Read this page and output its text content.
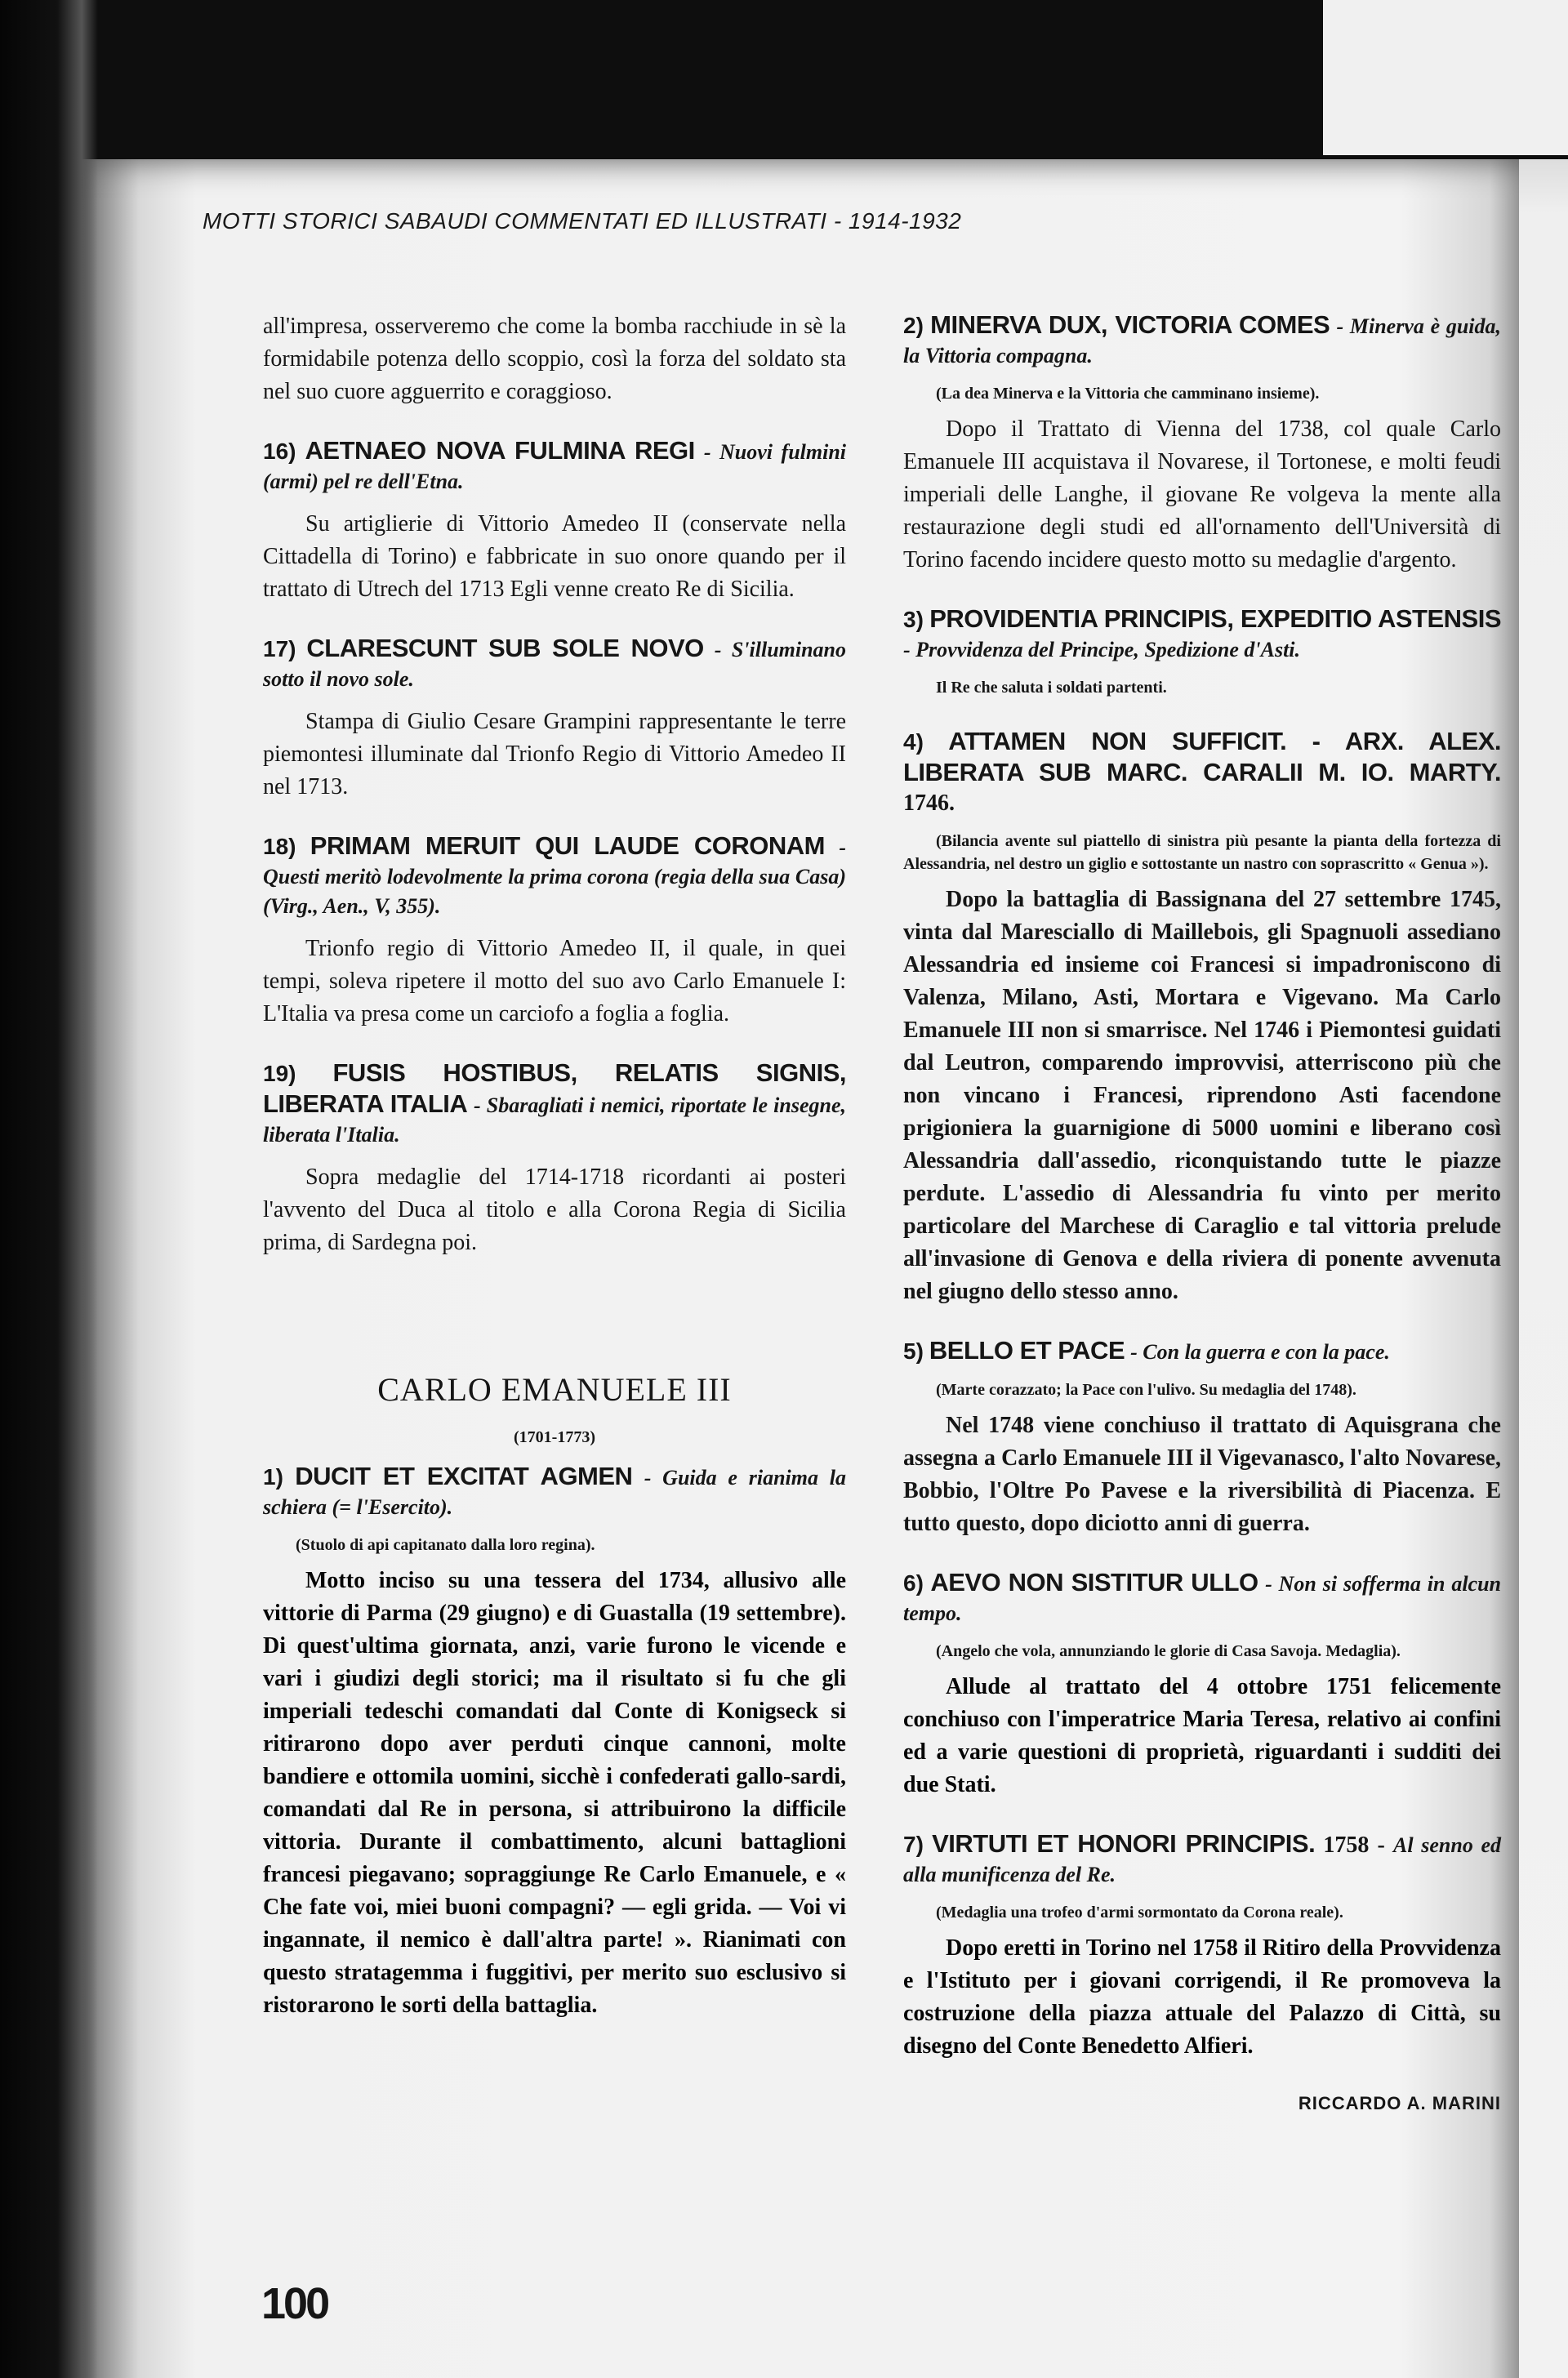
MOTTI STORICI SABAUDI COMMENTATI ED ILLUSTRATI - 1914-1932

all'impresa, osserveremo che come la bomba racchiude in sè la formidabile potenza dello scoppio, così la forza del soldato sta nel suo cuore agguerrito e coraggioso.

16) AETNAEO NOVA FULMINA REGI - Nuovi fulmini (armi) pel re dell'Etna.

Su artiglierie di Vittorio Amedeo II (conservate nella Cittadella di Torino) e fabbricate in suo onore quando per il trattato di Utrech del 1713 Egli venne creato Re di Sicilia.

17) CLARESCUNT SUB SOLE NOVO - S'illuminano sotto il novo sole.

Stampa di Giulio Cesare Grampini rappresentante le terre piemontesi illuminate dal Trionfo Regio di Vittorio Amedeo II nel 1713.

18) PRIMAM MERUIT QUI LAUDE CORONAM - Questi meritò lodevolmente la prima corona (regia della sua Casa) (Virg., Aen., V, 355).

Trionfo regio di Vittorio Amedeo II, il quale, in quei tempi, soleva ripetere il motto del suo avo Carlo Emanuele I: L'Italia va presa come un carciofo a foglia a foglia.

19) FUSIS HOSTIBUS, RELATIS SIGNIS, LIBERATA ITALIA - Sbaragliati i nemici, riportate le insegne, liberata l'Italia.

Sopra medaglie del 1714-1718 ricordanti ai posteri l'avvento del Duca al titolo e alla Corona Regia di Sicilia prima, di Sardegna poi.

CARLO EMANUELE III

(1701-1773)

1) DUCIT ET EXCITAT AGMEN - Guida e rianima la schiera (= l'Esercito).

(Stuolo di api capitanato dalla loro regina).

Motto inciso su una tessera del 1734, allusivo alle vittorie di Parma (29 giugno) e di Guastalla (19 settembre). Di quest'ultima giornata, anzi, varie furono le vicende e vari i giudizi degli storici; ma il risultato si fu che gli imperiali tedeschi comandati dal Conte di Konigseck si ritirarono dopo aver perduti cinque cannoni, molte bandiere e ottomila uomini, sicchè i confederati gallo-sardi, comandati dal Re in persona, si attribuirono la difficile vittoria. Durante il combattimento, alcuni battaglioni francesi piegavano; sopraggiunge Re Carlo Emanuele, e « Che fate voi, miei buoni compagni? — egli grida. — Voi vi ingannate, il nemico è dall'altra parte! ». Rianimati con questo stratagemma i fuggitivi, per merito suo esclusivo si ristorarono le sorti della battaglia.

2) MINERVA DUX, VICTORIA COMES - Minerva è guida, la Vittoria compagna.

(La dea Minerva e la Vittoria che camminano insieme).

Dopo il Trattato di Vienna del 1738, col quale Carlo Emanuele III acquistava il Novarese, il Tortonese, e molti feudi imperiali delle Langhe, il giovane Re volgeva la mente alla restaurazione degli studi ed all'ornamento dell'Università di Torino facendo incidere questo motto su medaglie d'argento.

3) PROVIDENTIA PRINCIPIS, EXPEDITIO ASTENSIS - Provvidenza del Principe, Spedizione d'Asti.

Il Re che saluta i soldati partenti.

4) ATTAMEN NON SUFFICIT. - ARX. ALEX. LIBERATA SUB MARC. CARALII M. IO. MARTY. 1746.

(Bilancia avente sul piattello di sinistra più pesante la pianta della fortezza di Alessandria, nel destro un giglio e sottostante un nastro con soprascritto « Genua »).

Dopo la battaglia di Bassignana del 27 settembre 1745, vinta dal Maresciallo di Maillebois, gli Spagnuoli assediano Alessandria ed insieme coi Francesi si impadroniscono di Valenza, Milano, Asti, Mortara e Vigevano. Ma Carlo Emanuele III non si smarrisce. Nel 1746 i Piemontesi guidati dal Leutron, comparendo improvvisi, atterriscono più che non vincano i Francesi, riprendono Asti facendone prigioniera la guarnigione di 5000 uomini e liberano così Alessandria dall'assedio, riconquistando tutte le piazze perdute. L'assedio di Alessandria fu vinto per merito particolare del Marchese di Caraglio e tal vittoria prelude all'invasione di Genova e della riviera di ponente avvenuta nel giugno dello stesso anno.

5) BELLO ET PACE - Con la guerra e con la pace.

(Marte corazzato; la Pace con l'ulivo. Su medaglia del 1748).

Nel 1748 viene conchiuso il trattato di Aquisgrana che assegna a Carlo Emanuele III il Vigevanasco, l'alto Novarese, Bobbio, l'Oltre Po Pavese e la riversibilità di Piacenza. E tutto questo, dopo diciotto anni di guerra.

6) AEVO NON SISTITUR ULLO - Non si sofferma in alcun tempo.

(Angelo che vola, annunziando le glorie di Casa Savoja. Medaglia).

Allude al trattato del 4 ottobre 1751 felicemente conchiuso con l'imperatrice Maria Teresa, relativo ai confini ed a varie questioni di proprietà, riguardanti i sudditi dei due Stati.

7) VIRTUTI ET HONORI PRINCIPIS. 1758 - Al senno ed alla munificenza del Re.

(Medaglia una trofeo d'armi sormontato da Corona reale).

Dopo eretti in Torino nel 1758 il Ritiro della Provvidenza e l'Istituto per i giovani corrigendi, il Re promoveva la costruzione della piazza attuale del Palazzo di Città, su disegno del Conte Benedetto Alfieri.

RICCARDO A. MARINI

100
